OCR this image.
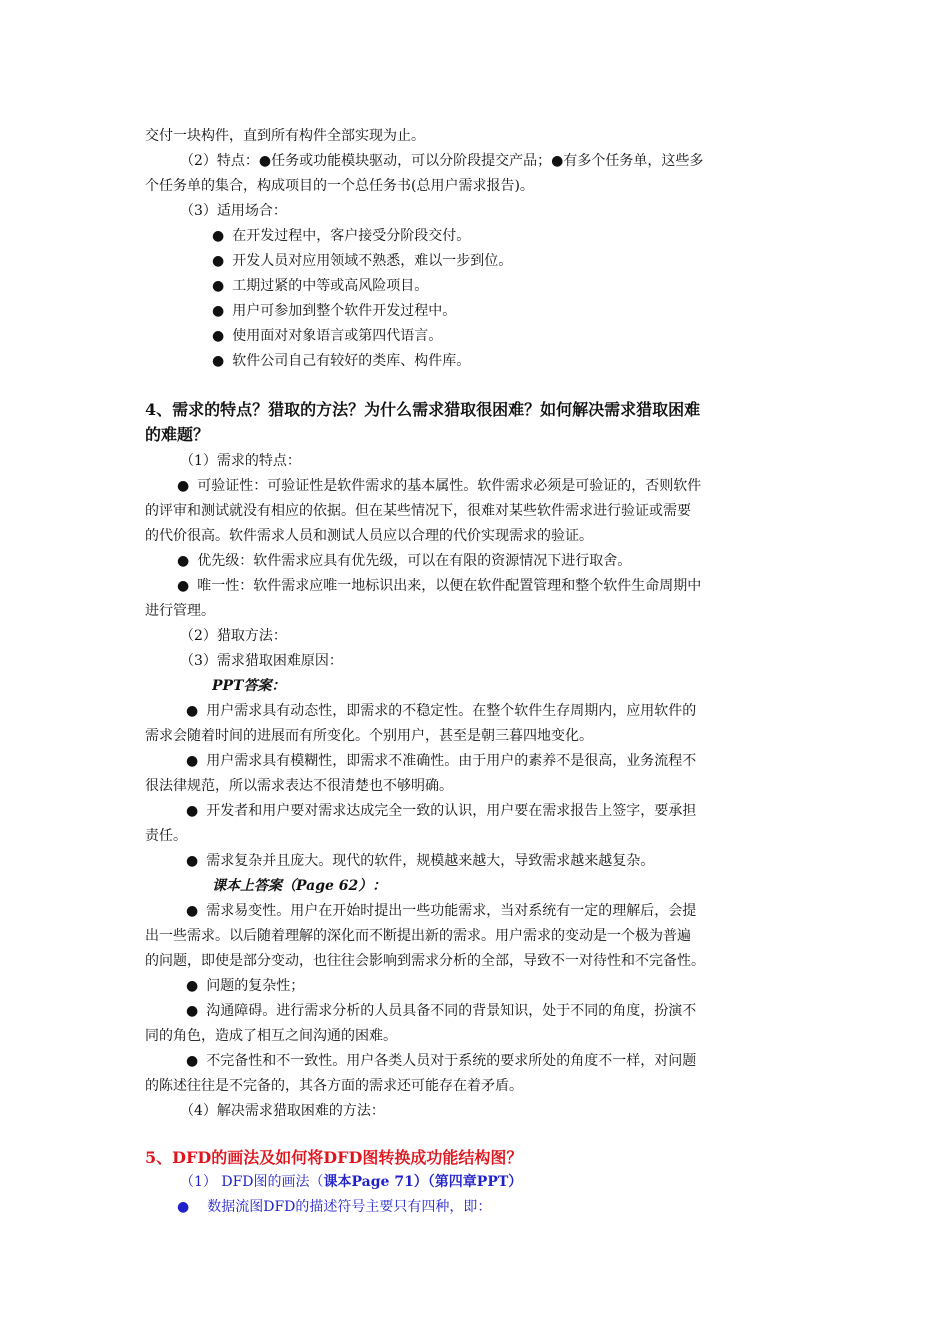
交付一块构件，直到所有构件全部实现为止。
（2）特点：●任务或功能模块驱动，可以分阶段提交产品；●有多个任务单，这些多
个任务单的集合，构成项目的一个总任务书(总用户需求报告)。
（3）适用场合：
● 在开发过程中，客户接受分阶段交付。
● 开发人员对应用领域不熟悉，难以一步到位。
● 工期过紧的中等或高风险项目。
● 用户可参加到整个软件开发过程中。
● 使用面对对象语言或第四代语言。
● 软件公司自己有较好的类库、构件库。
4、需求的特点？猎取的方法？为什么需求猎取很困难？如何解决需求猎取困难
的难题？
（1）需求的特点：
● 可验证性：可验证性是软件需求的基本属性。软件需求必须是可验证的，否则软件
的评审和测试就没有相应的依据。但在某些情况下，很难对某些软件需求进行验证或需要
的代价很高。软件需求人员和测试人员应以合理的代价实现需求的验证。
● 优先级：软件需求应具有优先级，可以在有限的资源情况下进行取舍。
● 唯一性：软件需求应唯一地标识出来，以便在软件配置管理和整个软件生命周期中
进行管理。
（2）猎取方法：
（3）需求猎取困难原因：
PPT答案：
● 用户需求具有动态性，即需求的不稳定性。在整个软件生存周期内，应用软件的
需求会随着时间的进展而有所变化。个别用户，甚至是朝三暮四地变化。
● 用户需求具有模糊性，即需求不准确性。由于用户的素养不是很高，业务流程不
很法律规范，所以需求表达不很清楚也不够明确。
● 开发者和用户要对需求达成完全一致的认识，用户要在需求报告上签字，要承担
责任。
● 需求复杂并且庞大。现代的软件，规模越来越大，导致需求越来越复杂。
课本上答案（Page 62）：
● 需求易变性。用户在开始时提出一些功能需求，当对系统有一定的理解后，会提
出一些需求。以后随着理解的深化而不断提出新的需求。用户需求的变动是一个极为普遍
的问题，即使是部分变动，也往往会影响到需求分析的全部，导致不一对待性和不完备性。
● 问题的复杂性；
● 沟通障碍。进行需求分析的人员具备不同的背景知识，处于不同的角度，扮演不
同的角色，造成了相互之间沟通的困难。
● 不完备性和不一致性。用户各类人员对于系统的要求所处的角度不一样，对问题
的陈述往往是不完备的，其各方面的需求还可能存在着矛盾。
（4）解决需求猎取困难的方法：
5、DFD的画法及如何将DFD图转换成功能结构图？
（1） DFD图的画法（课本Page 71）（第四章PPT）
● 数据流图DFD的描述符号主要只有四种，即：
